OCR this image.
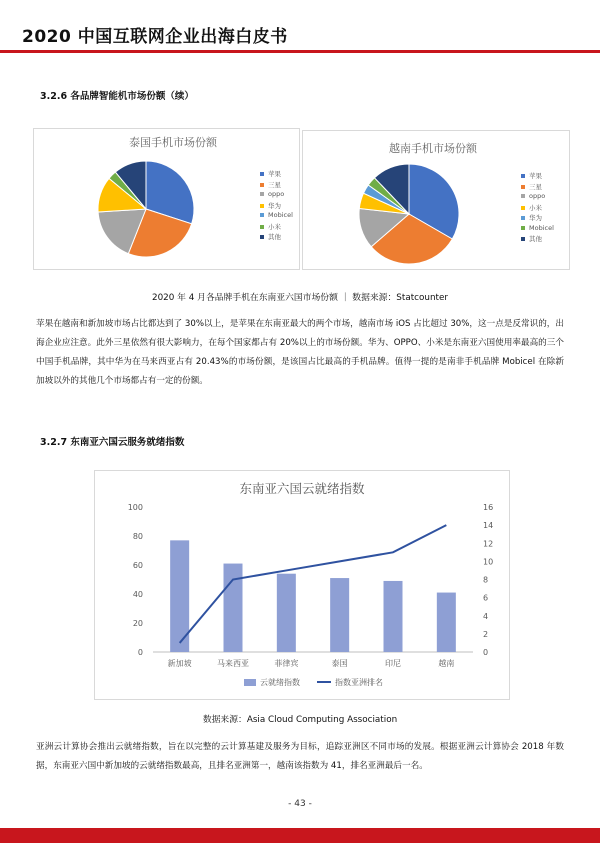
2020 中国互联网企业出海白皮书
3.2.6 各品牌智能机市场份额（续）
泰国手机市场份额
苹果
三星
oppo
华为
Mobicel
小米
其他
越南手机市场份额
苹果
三星
oppo
小米
华为
Mobicel
其他
2020 年 4 月各品牌手机在东南亚六国市场份额 ｜ 数据来源：Statcounter
苹果在越南和新加坡市场占比都达到了 30%以上，是苹果在东南亚最大的两个市场，越南市场 iOS 占比超过 30%，这一点是反常识的，出海企业应注意。此外三星依然有很大影响力，在每个国家都占有 20%以上的市场份额。华为、OPPO、小米是东南亚六国使用率最高的三个中国手机品牌，其中华为在马来西亚占有 20.43%的市场份额，是该国占比最高的手机品牌。值得一提的是南非手机品牌 Mobicel 在除新加坡以外的其他几个市场都占有一定的份额。
3.2.7 东南亚六国云服务就绪指数
东南亚六国云就绪指数
0
20
40
60
80
100
0
2
4
6
8
10
12
14
16
新加坡	马来西亚	菲律宾	泰国	印尼	越南
云就绪指数	指数亚洲排名
数据来源：Asia Cloud Computing Association
亚洲云计算协会推出云就绪指数，旨在以完整的云计算基建及服务为目标，追踪亚洲区不同市场的发展。根据亚洲云计算协会 2018 年数据，东南亚六国中新加坡的云就绪指数最高，且排名亚洲第一，越南该指数为 41，排名亚洲最后一名。
- 43 -
